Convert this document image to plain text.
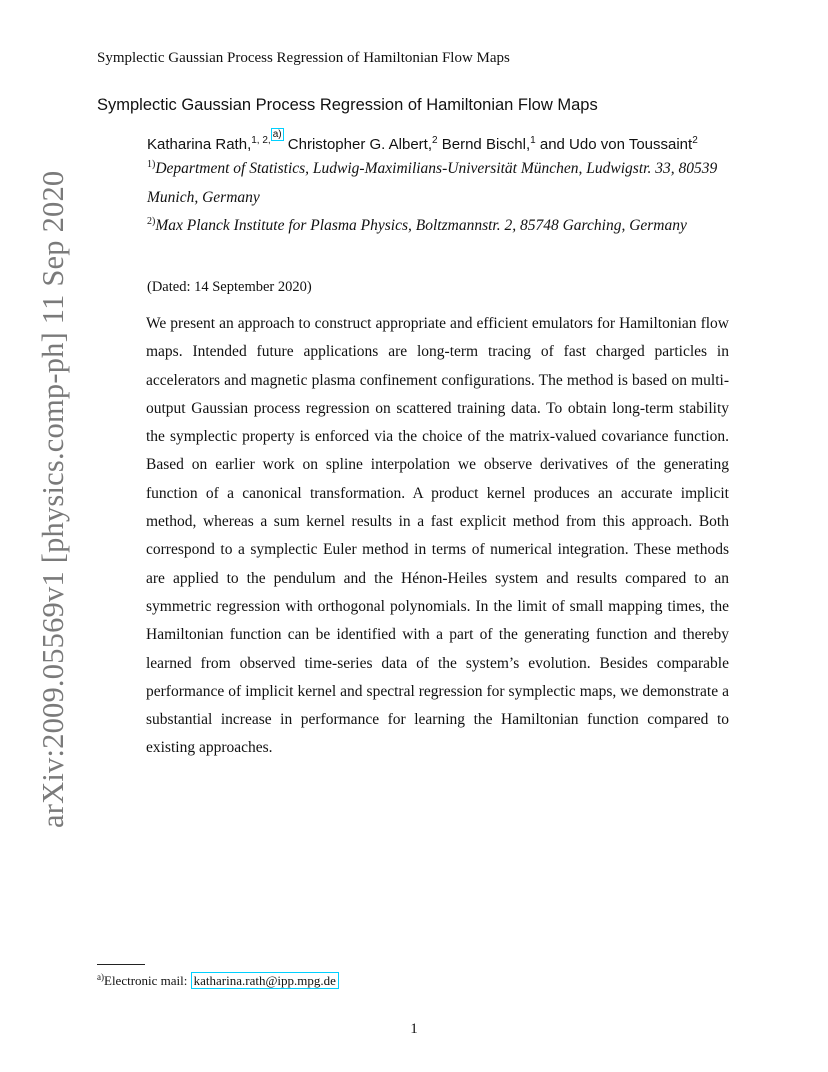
Symplectic Gaussian Process Regression of Hamiltonian Flow Maps
Symplectic Gaussian Process Regression of Hamiltonian Flow Maps
Katharina Rath,$^{1, 2,a)}$ Christopher G. Albert,$^2$ Bernd Bischl,$^1$ and Udo von Toussaint$^2$
$^{1)}$Department of Statistics, Ludwig-Maximilians-Universität München, Ludwigstr. 33, 80539 Munich, Germany
$^{2)}$Max Planck Institute for Plasma Physics, Boltzmannstr. 2, 85748 Garching, Germany
(Dated: 14 September 2020)

We present an approach to construct appropriate and efficient emulators for Hamiltonian flow maps. Intended future applications are long-term tracing of fast charged particles in accelerators and magnetic plasma confinement configurations. The method is based on multi-output Gaussian process regression on scattered training data. To obtain long-term stability the symplectic property is enforced via the choice of the matrix-valued covariance function. Based on earlier work on spline interpolation we observe derivatives of the generating function of a canonical transformation. A product kernel produces an accurate implicit method, whereas a sum kernel results in a fast explicit method from this approach. Both correspond to a symplectic Euler method in terms of numerical integration. These methods are applied to the pendulum and the Hénon-Heiles system and results compared to an symmetric regression with orthogonal polynomials. In the limit of small mapping times, the Hamiltonian function can be identified with a part of the generating function and thereby learned from observed time-series data of the system’s evolution. Besides comparable performance of implicit kernel and spectral regression for symplectic maps, we demonstrate a substantial increase in performance for learning the Hamiltonian function compared to existing approaches.

arXiv:2009.05569v1 [physics.comp-ph] 11 Sep 2020
$^{a)}$Electronic mail: katharina.rath@ipp.mpg.de
1
